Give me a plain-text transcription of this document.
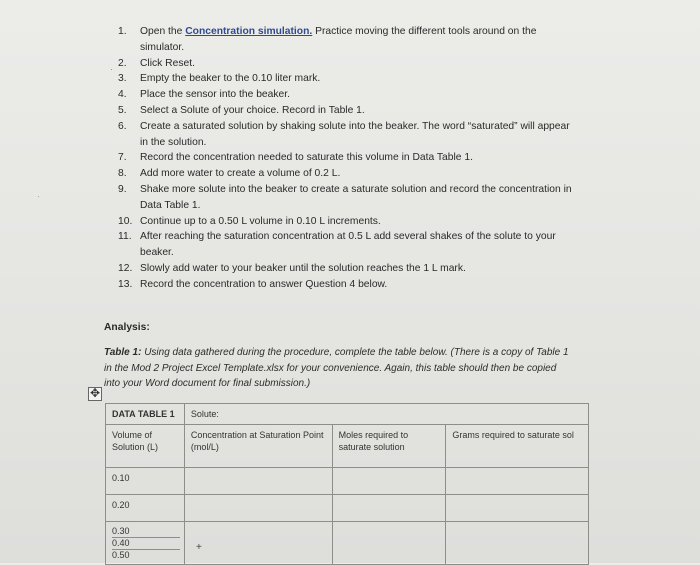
·
·
1.	Open the Concentration simulation. Practice moving the different tools around on the simulator.
2.	Click Reset.
3.	Empty the beaker to the 0.10 liter mark.
4.	Place the sensor into the beaker.
5.	Select a Solute of your choice. Record in Table 1.
6.	Create a saturated solution by shaking solute into the beaker. The word “saturated” will appear in the solution.
7.	Record the concentration needed to saturate this volume in Data Table 1.
8.	Add more water to create a volume of 0.2 L.
9.	Shake more solute into the beaker to create a saturate solution and record the concentration in Data Table 1.
10. Continue up to a 0.50 L volume in 0.10 L increments.
11. After reaching the saturation concentration at 0.5 L add several shakes of the solute to your beaker.
12. Slowly add water to your beaker until the solution reaches the 1 L mark.
13. Record the concentration to answer Question 4 below.
Analysis:
Table 1: Using data gathered during the procedure, complete the table below. (There is a copy of Table 1 in the Mod 2 Project Excel Template.xlsx for your convenience. Again, this table should then be copied into your Word document for final submission.)
✥
DATA TABLE 1	Solute:		
Volume of Solution (L)	Concentration at Saturation Point (mol/L)	Moles required to saturate solution	Grams required to saturate sol
0.10			
0.20			

0.30
0.40
0.50			

+
